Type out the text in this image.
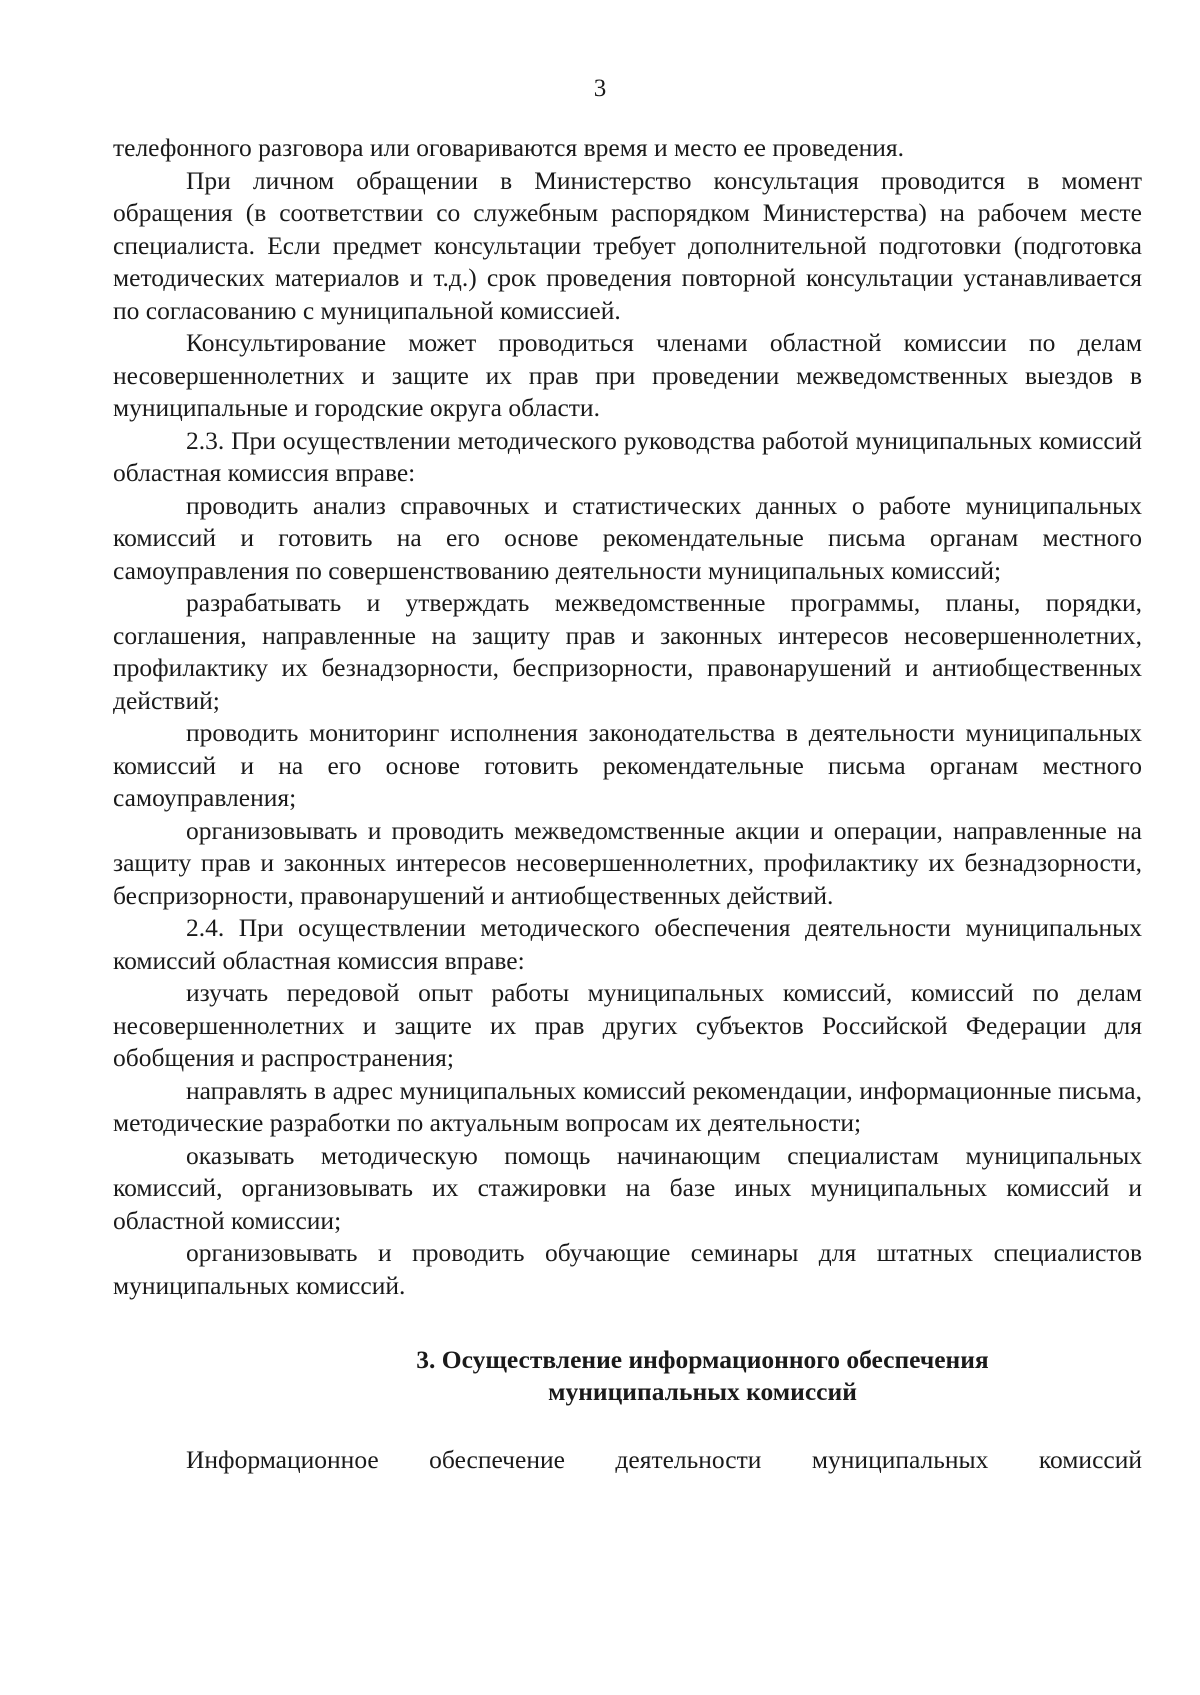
3

телефонного разговора или оговариваются время и место ее проведения.

При личном обращении в Министерство консультация проводится в момент обращения (в соответствии со служебным распорядком Министерства) на рабочем месте специалиста. Если предмет консультации требует дополнительной подготовки (подготовка методических материалов и т.д.) срок проведения повторной консультации устанавливается по согласованию с муниципальной комиссией.

Консультирование может проводиться членами областной комиссии по делам несовершеннолетних и защите их прав при проведении межведомственных выездов в муниципальные и городские округа области.

2.3. При осуществлении методического руководства работой муниципальных комиссий областная комиссия вправе:

проводить анализ справочных и статистических данных о работе муниципальных комиссий и готовить на его основе рекомендательные письма органам местного самоуправления по совершенствованию деятельности муниципальных комиссий;

разрабатывать и утверждать межведомственные программы, планы, порядки, соглашения, направленные на защиту прав и законных интересов несовершеннолетних, профилактику их безнадзорности, беспризорности, правонарушений и антиобщественных действий;

проводить мониторинг исполнения законодательства в деятельности муниципальных комиссий и на его основе готовить рекомендательные письма органам местного самоуправления;

организовывать и проводить межведомственные акции и операции, направленные на защиту прав и законных интересов несовершеннолетних, профилактику их безнадзорности, беспризорности, правонарушений и антиобщественных действий.

2.4. При осуществлении методического обеспечения деятельности муниципальных комиссий областная комиссия вправе:

изучать передовой опыт работы муниципальных комиссий, комиссий по делам несовершеннолетних и защите их прав других субъектов Российской Федерации для обобщения и распространения;

направлять в адрес муниципальных комиссий рекомендации, информационные письма, методические разработки по актуальным вопросам их деятельности;

оказывать методическую помощь начинающим специалистам муниципальных комиссий, организовывать их стажировки на базе иных муниципальных комиссий и областной комиссии;

организовывать и проводить обучающие семинары для штатных специалистов муниципальных комиссий.

3. Осуществление информационного обеспечения
муниципальных комиссий

Информационное обеспечение деятельности муниципальных комиссий
